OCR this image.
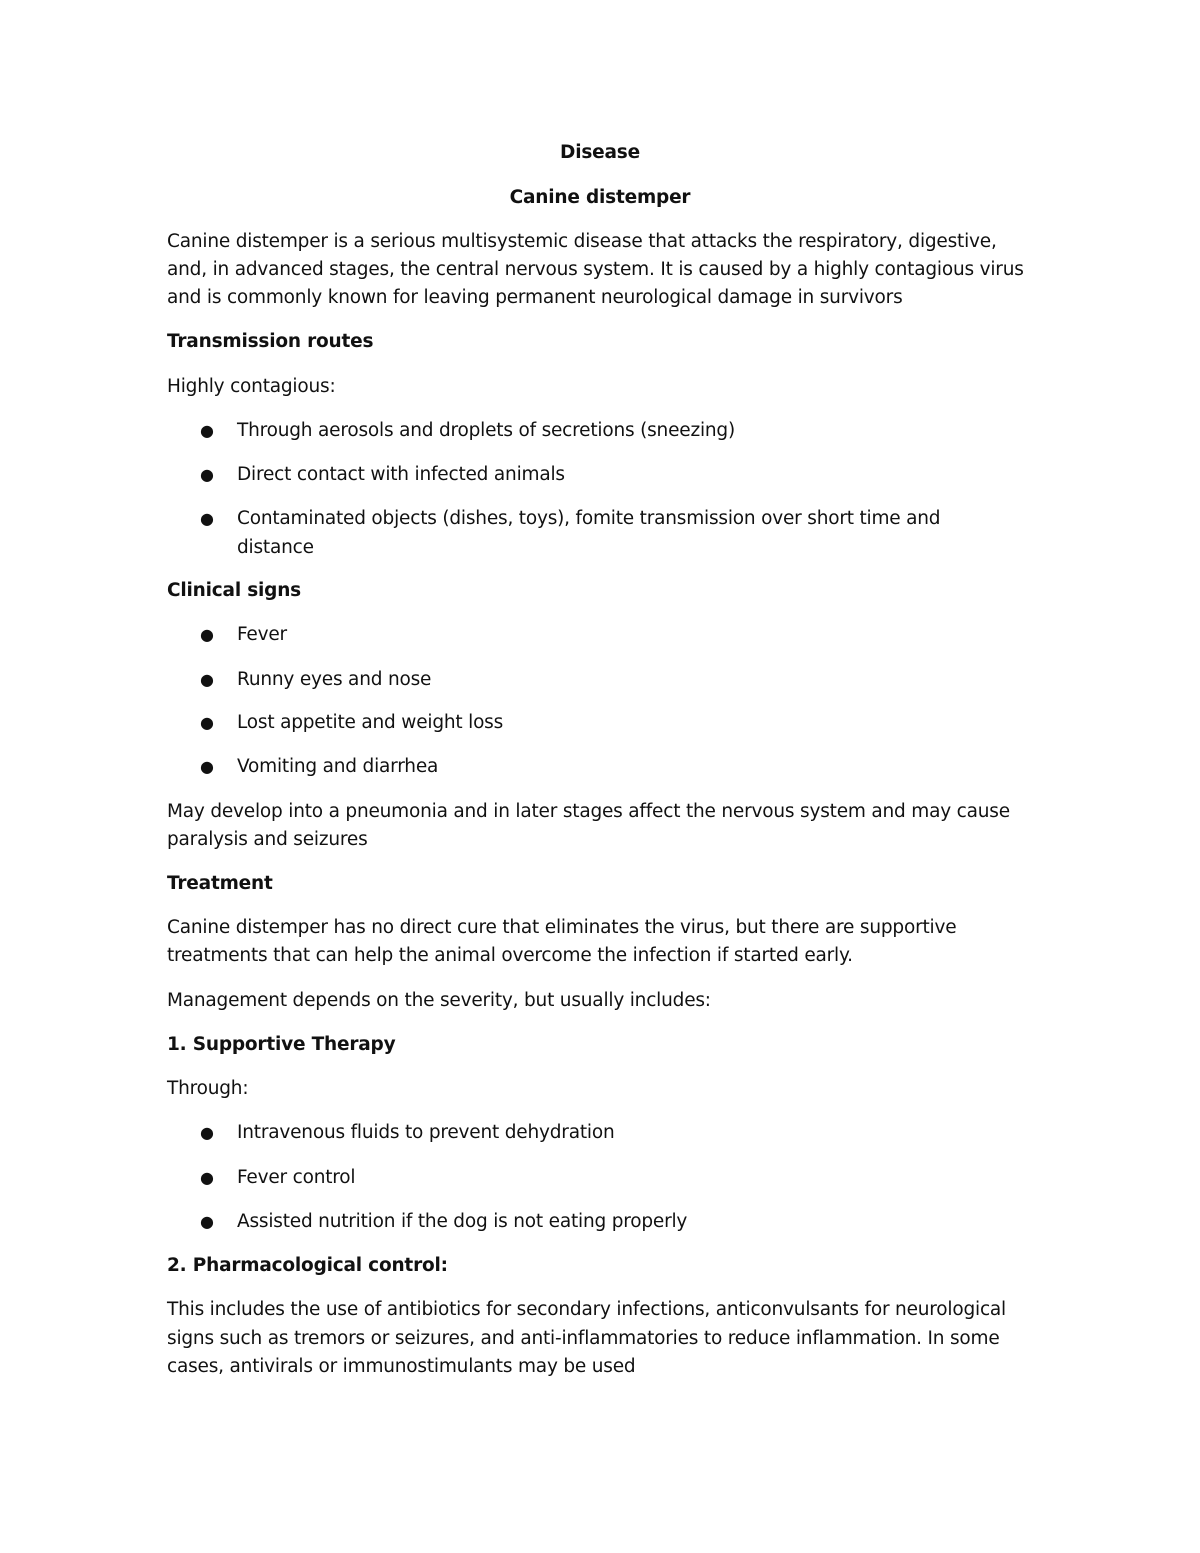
Disease
Canine distemper
Canine distemper is a serious multisystemic disease that attacks the respiratory, digestive,
and, in advanced stages, the central nervous system. It is caused by a highly contagious virus
and is commonly known for leaving permanent neurological damage in survivors
Transmission routes
Highly contagious:
● Through aerosols and droplets of secretions (sneezing)
● Direct contact with infected animals
● Contaminated objects (dishes, toys), fomite transmission over short time and
distance
Clinical signs
● Fever
● Runny eyes and nose
● Lost appetite and weight loss
● Vomiting and diarrhea
May develop into a pneumonia and in later stages affect the nervous system and may cause
paralysis and seizures
Treatment
Canine distemper has no direct cure that eliminates the virus, but there are supportive
treatments that can help the animal overcome the infection if started early.
Management depends on the severity, but usually includes:
1. Supportive Therapy
Through:
● Intravenous fluids to prevent dehydration
● Fever control
● Assisted nutrition if the dog is not eating properly
2. Pharmacological control:
This includes the use of antibiotics for secondary infections, anticonvulsants for neurological
signs such as tremors or seizures, and anti-inflammatories to reduce inflammation. In some
cases, antivirals or immunostimulants may be used
